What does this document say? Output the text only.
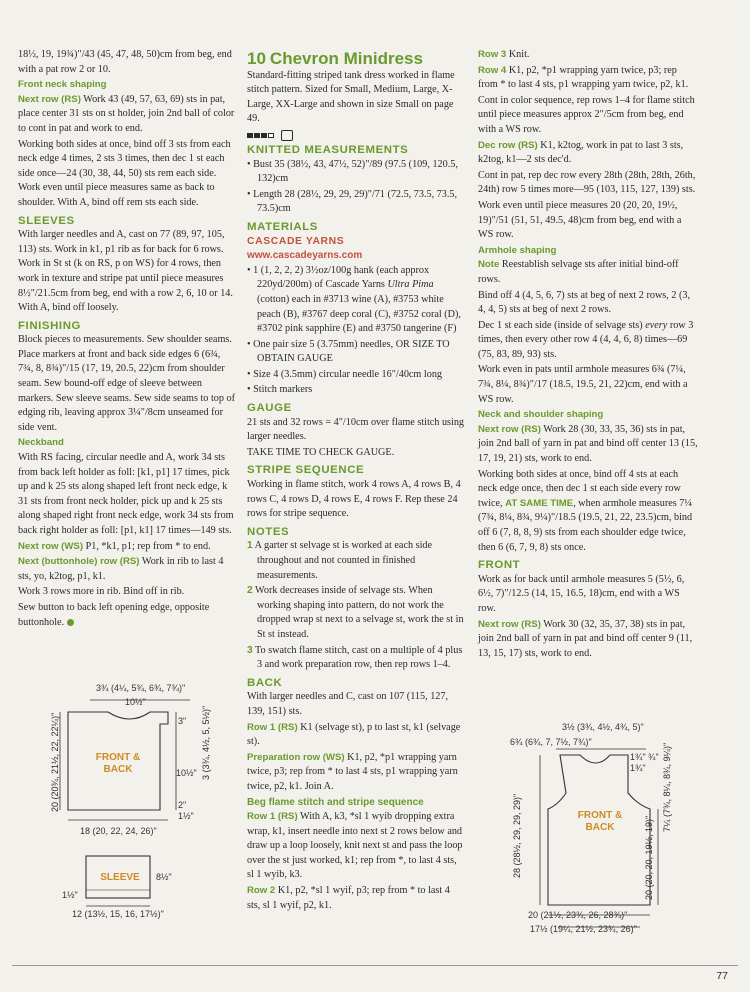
18½, 19, 19¾)"/43 (45, 47, 48, 50)cm from beg, end with a pat row 2 or 10.

Front neck shaping

Next row (RS) Work 43 (49, 57, 63, 69) sts in pat, place center 31 sts on st holder, join 2nd ball of color to cont in pat and work to end.

Working both sides at once, bind off 3 sts from each neck edge 4 times, 2 sts 3 times, then dec 1 st each side once—24 (30, 38, 44, 50) sts rem each side. Work even until piece measures same as back to shoulder. With A, bind off rem sts each side.

SLEEVES

With larger needles and A, cast on 77 (89, 97, 105, 113) sts. Work in k1, p1 rib as for back for 6 rows. Work in St st (k on RS, p on WS) for 4 rows, then work in texture and stripe pat until piece measures 8½"/21.5cm from beg, end with a row 2, 6, 10 or 14. With A, bind off loosely.

FINISHING

Block pieces to measurements. Sew shoulder seams. Place markers at front and back side edges 6 (6¾, 7¾, 8, 8¾)"/15 (17, 19, 20.5, 22)cm from shoulder seam. Sew bound-off edge of sleeve between markers. Sew sleeve seams. Sew side seams to top of edging rib, leaving approx 3¼"/8cm unseamed for side vent.

Neckband

With RS facing, circular needle and A, work 34 sts from back left holder as foll: [k1, p1] 17 times, pick up and k 25 sts along shaped left front neck edge, k 31 sts from front neck holder, pick up and k 25 sts along shaped right front neck edge, work 34 sts from back right holder as foll: [p1, k1] 17 times—149 sts.

Next row (WS) P1, *k1, p1; rep from * to end.

Next (buttonhole) row (RS) Work in rib to last 4 sts, yo, k2tog, p1, k1.

Work 3 rows more in rib. Bind off in rib.

Sew button to back left opening edge, opposite buttonhole.

3¾ (4¼, 5¾, 6¾, 7¾)"
10½"
FRONT & BACK
20 (20¾, 21½, 22, 22¼)"	3" 3 (3¾, 4½, 5, 5½)"
10½"
2"
1½"
18 (20, 22, 24, 26)"
SLEEVE	8½"
1½"
12 (13½, 15, 16, 17½)"
10 Chevron Minidress

Standard-fitting striped tank dress worked in flame stitch pattern. Sized for Small, Medium, Large, X-Large, XX-Large and shown in size Small on page 49.

KNITTED MEASUREMENTS

• Bust 35 (38½, 43, 47½, 52)"/89 (97.5 (109, 120.5, 132)cm

• Length 28 (28½, 29, 29, 29)"/71 (72.5, 73.5, 73.5, 73.5)cm

MATERIALS
CASCADE YARNS
www.cascadeyarns.com

• 1 (1, 2, 2, 2) 3½oz/100g hank (each approx 220yd/200m) of Cascade Yarns Ultra Pima (cotton) each in #3713 wine (A), #3753 white peach (B), #3767 deep coral (C), #3752 coral (D), #3702 pink sapphire (E) and #3750 tangerine (F)

• One pair size 5 (3.75mm) needles, OR SIZE TO OBTAIN GAUGE

• Size 4 (3.5mm) circular needle 16"/40cm long

• Stitch markers

GAUGE

21 sts and 32 rows = 4"/10cm over flame stitch using larger needles.

TAKE TIME TO CHECK GAUGE.

STRIPE SEQUENCE

Working in flame stitch, work 4 rows A, 4 rows B, 4 rows C, 4 rows D, 4 rows E, 4 rows F. Rep these 24 rows for stripe sequence.

NOTES

1 A garter st selvage st is worked at each side throughout and not counted in finished measurements.

2 Work decreases inside of selvage sts. When working shaping into pattern, do not work the dropped wrap st next to a selvage st, work the st in St st instead.

3 To swatch flame stitch, cast on a multiple of 4 plus 3 and work preparation row, then rep rows 1–4.

BACK

With larger needles and C, cast on 107 (115, 127, 139, 151) sts.

Row 1 (RS) K1 (selvage st), p to last st, k1 (selvage st).

Preparation row (WS) K1, p2, *p1 wrapping yarn twice, p3; rep from * to last 4 sts, p1 wrapping yarn twice, p2, k1. Join A.

Beg flame stitch and stripe sequence

Row 1 (RS) With A, k3, *sl 1 wyib dropping extra wrap, k1, insert needle into next st 2 rows below and draw up a loop loosely, knit next st and pass the loop over the st just worked, k1; rep from *, to last 4 sts, sl 1 wyib, k3.

Row 2 K1, p2, *sl 1 wyif, p3; rep from * to last 4 sts, sl 1 wyif, p2, k1.

Row 3 Knit.

Row 4 K1, p2, *p1 wrapping yarn twice, p3; rep from * to last 4 sts, p1 wrapping yarn twice, p2, k1.

Cont in color sequence, rep rows 1–4 for flame stitch until piece measures approx 2"/5cm from beg, end with a WS row.

Dec row (RS) K1, k2tog, work in pat to last 3 sts, k2tog, k1—2 sts dec'd.

Cont in pat, rep dec row every 28th (28th, 28th, 26th, 24th) row 5 times more—95 (103, 115, 127, 139) sts.

Work even until piece measures 20 (20, 20, 19½, 19)"/51 (51, 51, 49.5, 48)cm from beg, end with a WS row.

Armhole shaping

Note Reestablish selvage sts after initial bind-off rows.

Bind off 4 (4, 5, 6, 7) sts at beg of next 2 rows, 2 (3, 4, 4, 5) sts at beg of next 2 rows.

Dec 1 st each side (inside of selvage sts) every row 3 times, then every other row 4 (4, 4, 6, 8) times—69 (75, 83, 89, 93) sts.

Work even in pats until armhole measures 6¾ (7¼, 7¾, 8¼, 8¾)"/17 (18.5, 19.5, 21, 22)cm, end with a WS row.

Neck and shoulder shaping

Next row (RS) Work 28 (30, 33, 35, 36) sts in pat, join 2nd ball of yarn in pat and bind off center 13 (15, 17, 19, 21) sts, work to end.

Working both sides at once, bind off 4 sts at each neck edge once, then dec 1 st each side every row twice, AT SAME TIME, when armhole measures 7¼ (7¾, 8¼, 8¾, 9¼)"/18.5 (19.5, 21, 22, 23.5)cm, bind off 6 (7, 8, 8, 9) sts from each shoulder edge twice, then 6 (6, 7, 9, 8) sts once.

FRONT

Work as for back until armhole measures 5 (5½, 6, 6½, 7)"/12.5 (14, 15, 16.5, 18)cm, end with a WS row.

Next row (RS) Work 30 (32, 35, 37, 38) sts in pat, join 2nd ball of yarn in pat and bind off center 9 (11, 13, 15, 17) sts, work to end.

3½ (3¾, 4½, 4¾, 5)"
6¾ (6¾, 7, 7½, 7¾)"
1¾"
1¾"
¾" 7¼ (7¾, 8¼, 8¾, 9¼)"
20 (20, 20, 19½, 19)"
FRONT & BACK
28 (28½, 29, 29, 29)"
20 (21½, 23¾, 26, 28¾)"
17½ (19¼, 21½, 23¾, 26)"
77
